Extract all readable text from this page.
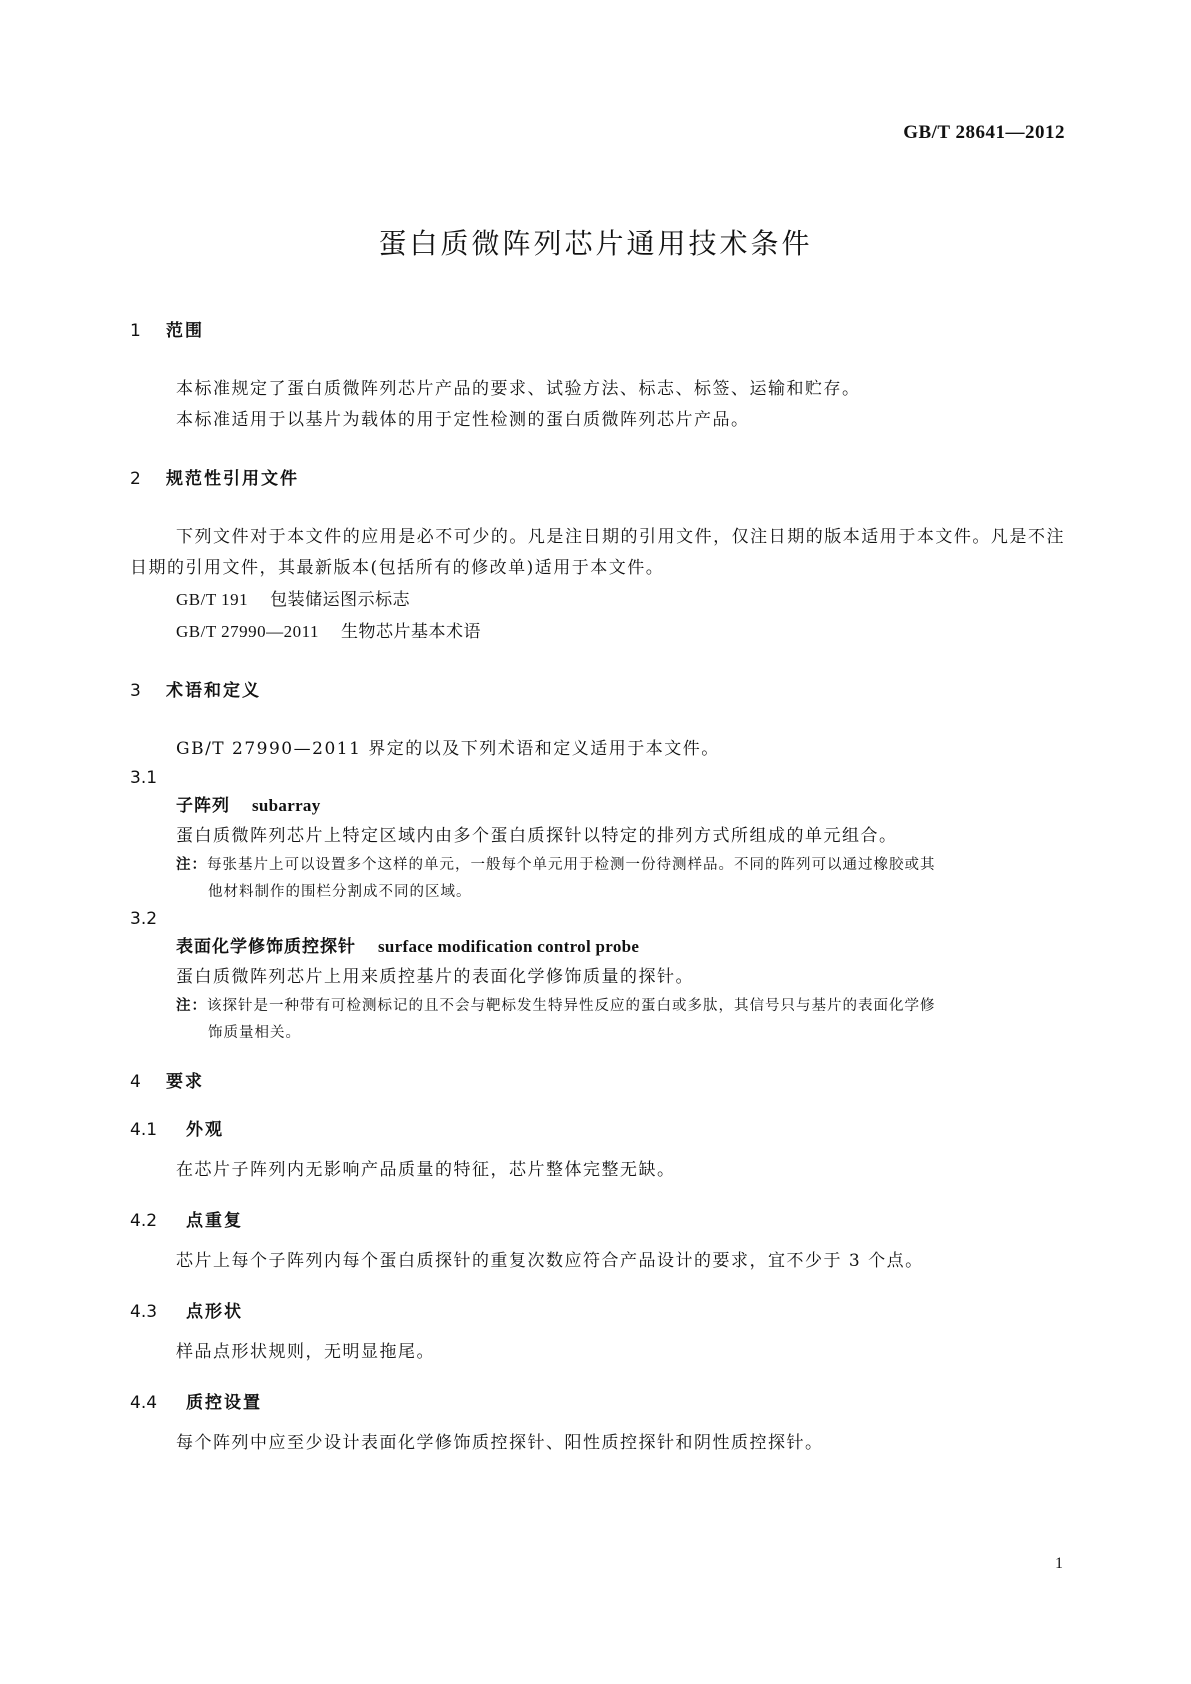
GB/T 28641—2012
蛋白质微阵列芯片通用技术条件
1 范围

本标准规定了蛋白质微阵列芯片产品的要求、试验方法、标志、标签、运输和贮存。

本标准适用于以基片为载体的用于定性检测的蛋白质微阵列芯片产品。

2 规范性引用文件

下列文件对于本文件的应用是必不可少的。凡是注日期的引用文件，仅注日期的版本适用于本文件。凡是不注日期的引用文件，其最新版本(包括所有的修改单)适用于本文件。

GB/T 191 包装储运图示标志

GB/T 27990—2011 生物芯片基本术语

3 术语和定义

GB/T 27990—2011 界定的以及下列术语和定义适用于本文件。

3.1
子阵列 subarray

蛋白质微阵列芯片上特定区域内由多个蛋白质探针以特定的排列方式所组成的单元组合。

注：每张基片上可以设置多个这样的单元，一般每个单元用于检测一份待测样品。不同的阵列可以通过橡胶或其
他材料制作的围栏分割成不同的区域。
3.2
表面化学修饰质控探针 surface modification control probe

蛋白质微阵列芯片上用来质控基片的表面化学修饰质量的探针。

注：该探针是一种带有可检测标记的且不会与靶标发生特异性反应的蛋白或多肽，其信号只与基片的表面化学修
饰质量相关。
4 要求
4.1 外观

在芯片子阵列内无影响产品质量的特征，芯片整体完整无缺。

4.2 点重复

芯片上每个子阵列内每个蛋白质探针的重复次数应符合产品设计的要求，宜不少于 3 个点。

4.3 点形状

样品点形状规则，无明显拖尾。

4.4 质控设置

每个阵列中应至少设计表面化学修饰质控探针、阳性质控探针和阴性质控探针。

1
